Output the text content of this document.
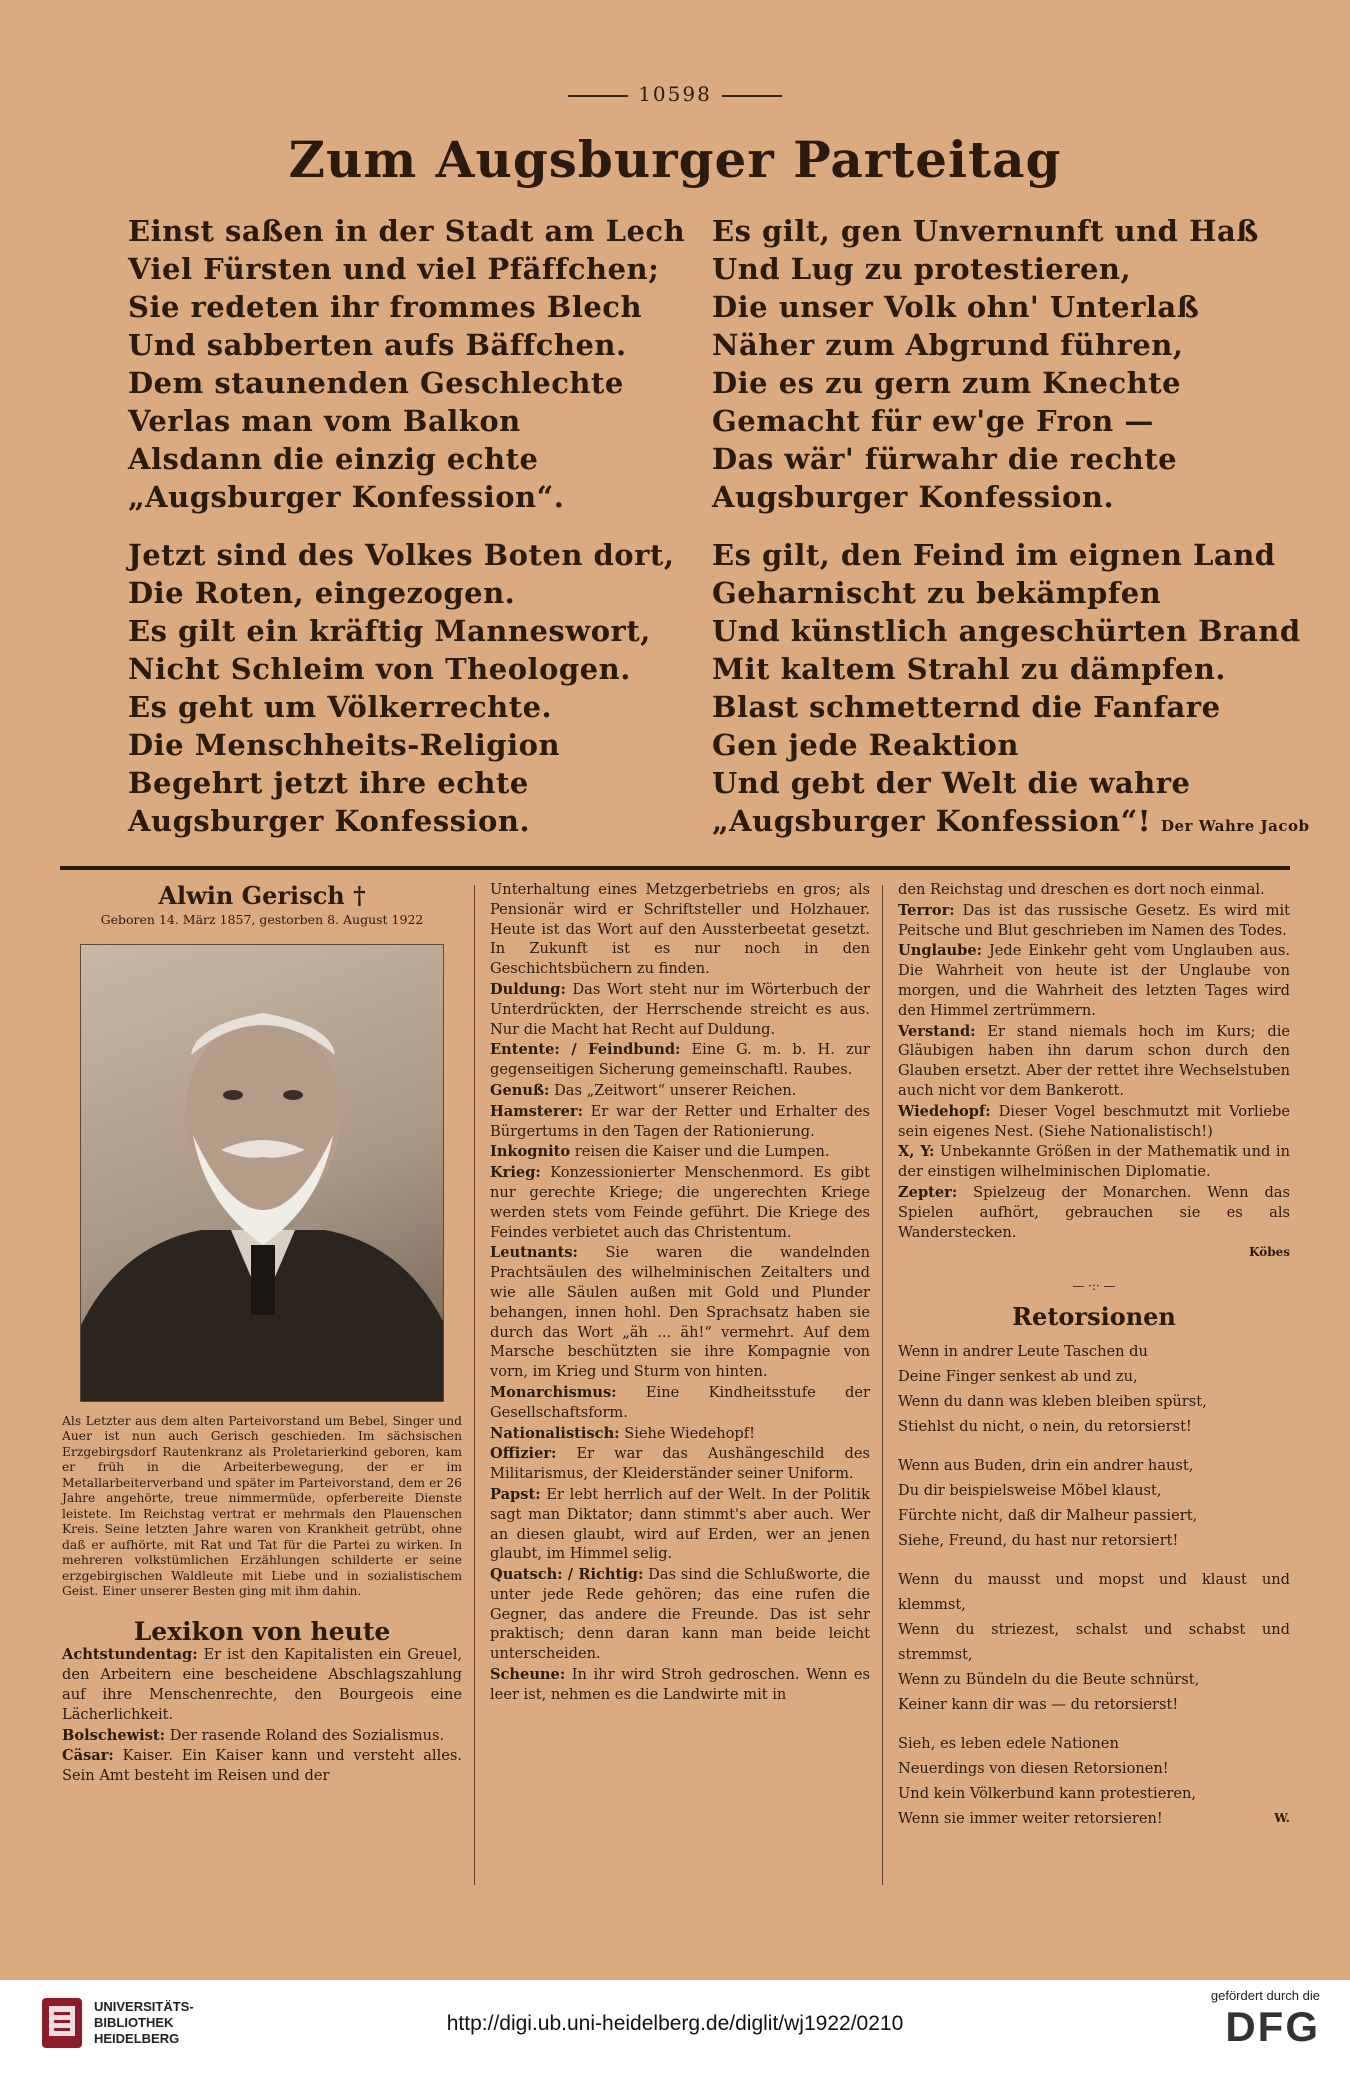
10598
Zum Augsburger Parteitag
Einst saßen in der Stadt am Lech
Viel Fürsten und viel Pfäffchen;
Sie redeten ihr frommes Blech
Und sabberten aufs Bäffchen.
Dem staunenden Geschlechte
Verlas man vom Balkon
Alsdann die einzig echte
„Augsburger Konfession“.
Jetzt sind des Volkes Boten dort,
Die Roten, eingezogen.
Es gilt ein kräftig Manneswort,
Nicht Schleim von Theologen.
Es geht um Völkerrechte.
Die Menschheits-Religion
Begehrt jetzt ihre echte
Augsburger Konfession.
Es gilt, gen Unvernunft und Haß
Und Lug zu protestieren,
Die unser Volk ohn' Unterlaß
Näher zum Abgrund führen,
Die es zu gern zum Knechte
Gemacht für ew'ge Fron —
Das wär' fürwahr die rechte
Augsburger Konfession.
Es gilt, den Feind im eignen Land
Geharnischt zu bekämpfen
Und künstlich angeschürten Brand
Mit kaltem Strahl zu dämpfen.
Blast schmetternd die Fanfare
Gen jede Reaktion
Und gebt der Welt die wahre
„Augsburger Konfession“! Der Wahre Jacob
Alwin Gerisch †
Geboren 14. März 1857, gestorben 8. August 1922
Als Letzter aus dem alten Parteivorstand um Bebel, Singer und Auer ist nun auch Gerisch geschieden. Im sächsischen Erzgebirgsdorf Rautenkranz als Proletarierkind geboren, kam er früh in die Arbeiterbewegung, der er im Metallarbeiterverband und später im Parteivorstand, dem er 26 Jahre angehörte, treue nimmermüde, opferbereite Dienste leistete. Im Reichstag vertrat er mehrmals den Plauenschen Kreis. Seine letzten Jahre waren von Krankheit getrübt, ohne daß er aufhörte, mit Rat und Tat für die Partei zu wirken. In mehreren volkstümlichen Erzählungen schilderte er seine erzgebirgischen Waldleute mit Liebe und in sozialistischem Geist. Einer unserer Besten ging mit ihm dahin.
Lexikon von heute
Achtstundentag: Er ist den Kapitalisten ein Greuel, den Arbeitern eine bescheidene Abschlagszahlung auf ihre Menschenrechte, den Bourgeois eine Lächerlichkeit.
Bolschewist: Der rasende Roland des Sozialismus.
Cäsar: Kaiser. Ein Kaiser kann und versteht alles. Sein Amt besteht im Reisen und der
Unterhaltung eines Metzgerbetriebs en gros; als Pensionär wird er Schriftsteller und Holzhauer. Heute ist das Wort auf den Aussterbeetat gesetzt. In Zukunft ist es nur noch in den Geschichtsbüchern zu finden.
Duldung: Das Wort steht nur im Wörterbuch der Unterdrückten, der Herrschende streicht es aus. Nur die Macht hat Recht auf Duldung.
Entente: / Feindbund: Eine G. m. b. H. zur gegenseitigen Sicherung gemeinschaftl. Raubes.
Genuß: Das „Zeitwort“ unserer Reichen.
Hamsterer: Er war der Retter und Erhalter des Bürgertums in den Tagen der Rationierung.
Inkognito reisen die Kaiser und die Lumpen.
Krieg: Konzessionierter Menschenmord. Es gibt nur gerechte Kriege; die ungerechten Kriege werden stets vom Feinde geführt. Die Kriege des Feindes verbietet auch das Christentum.
Leutnants: Sie waren die wandelnden Prachtsäulen des wilhelminischen Zeitalters und wie alle Säulen außen mit Gold und Plunder behangen, innen hohl. Den Sprachsatz haben sie durch das Wort „äh ... äh!“ vermehrt. Auf dem Marsche beschützten sie ihre Kompagnie von vorn, im Krieg und Sturm von hinten.
Monarchismus: Eine Kindheitsstufe der Gesellschaftsform.
Nationalistisch: Siehe Wiedehopf!
Offizier: Er war das Aushängeschild des Militarismus, der Kleiderständer seiner Uniform.
Papst: Er lebt herrlich auf der Welt. In der Politik sagt man Diktator; dann stimmt's aber auch. Wer an diesen glaubt, wird auf Erden, wer an jenen glaubt, im Himmel selig.
Quatsch: / Richtig: Das sind die Schlußworte, die unter jede Rede gehören; das eine rufen die Gegner, das andere die Freunde. Das ist sehr praktisch; denn daran kann man beide leicht unterscheiden.
Scheune: In ihr wird Stroh gedroschen. Wenn es leer ist, nehmen es die Landwirte mit in
den Reichstag und dreschen es dort noch einmal.
Terror: Das ist das russische Gesetz. Es wird mit Peitsche und Blut geschrieben im Namen des Todes.
Unglaube: Jede Einkehr geht vom Unglauben aus. Die Wahrheit von heute ist der Unglaube von morgen, und die Wahrheit des letzten Tages wird den Himmel zertrümmern.
Verstand: Er stand niemals hoch im Kurs; die Gläubigen haben ihn darum schon durch den Glauben ersetzt. Aber der rettet ihre Wechselstuben auch nicht vor dem Bankerott.
Wiedehopf: Dieser Vogel beschmutzt mit Vorliebe sein eigenes Nest. (Siehe Nationalistisch!)
X, Y: Unbekannte Größen in der Mathematik und in der einstigen wilhelminischen Diplomatie.
Zepter: Spielzeug der Monarchen. Wenn das Spielen aufhört, gebrauchen sie es als Wanderstecken.
Köbes
— ·:· —
Retorsionen
Wenn in andrer Leute Taschen du
Deine Finger senkest ab und zu,
Wenn du dann was kleben bleiben spürst,
Stiehlst du nicht, o nein, du retorsierst!
Wenn aus Buden, drin ein andrer haust,
Du dir beispielsweise Möbel klaust,
Fürchte nicht, daß dir Malheur passiert,
Siehe, Freund, du hast nur retorsiert!
Wenn du mausst und mopst und klaust und klemmst,
Wenn du striezest, schalst und schabst und stremmst,
Wenn zu Bündeln du die Beute schnürst,
Keiner kann dir was — du retorsierst!
Sieh, es leben edele Nationen
Neuerdings von diesen Retorsionen!
Und kein Völkerbund kann protestieren,
Wenn sie immer weiter retorsieren!	W.
UNIVERSITÄTS-
BIBLIOTHEK
HEIDELBERG
http://digi.ub.uni-heidelberg.de/diglit/wj1922/0210
gefördert durch die
DFG
